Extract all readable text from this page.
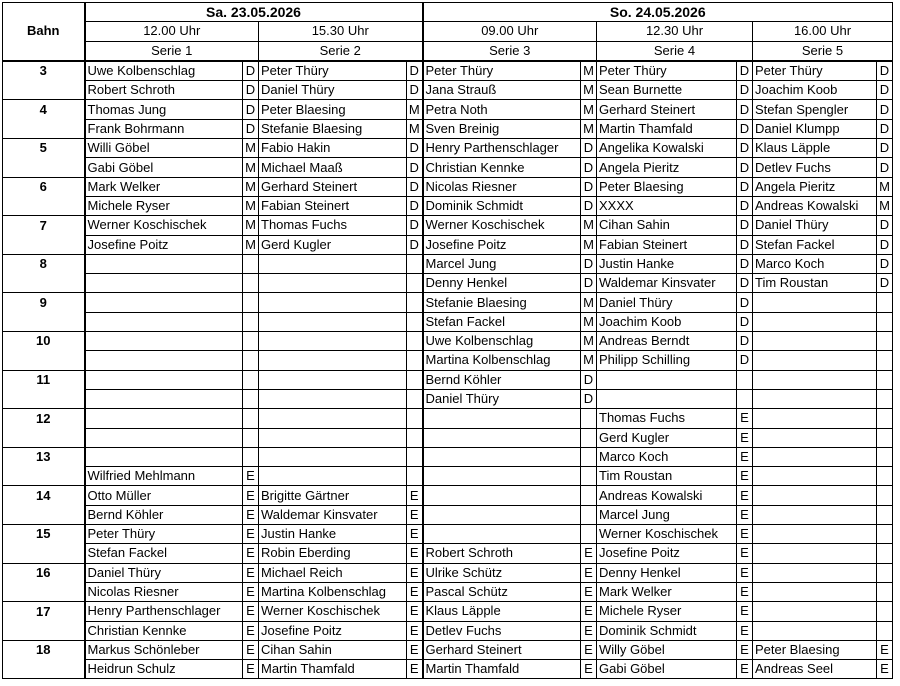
	Sa. 23.05.2026				So. 24.05.2026					
Bahn	12.00 Uhr		15.30 Uhr		09.00 Uhr		12.30 Uhr		16.00 Uhr	
	Serie 1		Serie 2		Serie 3		Serie 4		Serie 5	
3	Uwe Kolbenschlag	D	Peter Thüry	D	Peter Thüry	M	Peter Thüry	D	Peter Thüry	D
	Robert Schroth	D	Daniel Thüry	D	Jana Strauß	M	Sean Burnette	D	Joachim Koob	D
4	Thomas Jung	D	Peter Blaesing	M	Petra Noth	M	Gerhard Steinert	D	Stefan Spengler	D
	Frank Bohrmann	D	Stefanie Blaesing	M	Sven Breinig	M	Martin Thamfald	D	Daniel Klumpp	D
5	Willi Göbel	M	Fabio Hakin	D	Henry Parthenschlager	D	Angelika Kowalski	D	Klaus Läpple	D
	Gabi Göbel	M	Michael Maaß	D	Christian Kennke	D	Angela Pieritz	D	Detlev Fuchs	D
6	Mark Welker	M	Gerhard Steinert	D	Nicolas Riesner	D	Peter Blaesing	D	Angela Pieritz	M
	Michele Ryser	M	Fabian Steinert	D	Dominik Schmidt	D	XXXX	D	Andreas Kowalski	M
7	Werner Koschischek	M	Thomas Fuchs	D	Werner Koschischek	M	Cihan Sahin	D	Daniel Thüry	D
	Josefine Poitz	M	Gerd Kugler	D	Josefine Poitz	M	Fabian Steinert	D	Stefan Fackel	D
8					Marcel Jung	D	Justin Hanke	D	Marco Koch	D
					Denny Henkel	D	Waldemar Kinsvater	D	Tim Roustan	D
9					Stefanie Blaesing	M	Daniel Thüry	D		
					Stefan Fackel	M	Joachim Koob	D		
10					Uwe Kolbenschlag	M	Andreas Berndt	D		
					Martina Kolbenschlag	M	Philipp Schilling	D		
11					Bernd Köhler	D				
					Daniel Thüry	D				
12							Thomas Fuchs	E		
							Gerd Kugler	E		
13							Marco Koch	E		
	Wilfried Mehlmann	E					Tim Roustan	E		
14	Otto Müller	E	Brigitte Gärtner	E			Andreas Kowalski	E		
	Bernd Köhler	E	Waldemar Kinsvater	E			Marcel Jung	E		
15	Peter Thüry	E	Justin Hanke	E			Werner Koschischek	E		
	Stefan Fackel	E	Robin Eberding	E	Robert Schroth	E	Josefine Poitz	E		
16	Daniel Thüry	E	Michael Reich	E	Ulrike Schütz	E	Denny Henkel	E		
	Nicolas Riesner	E	Martina Kolbenschlag	E	Pascal Schütz	E	Mark Welker	E		
17	Henry Parthenschlager	E	Werner Koschischek	E	Klaus Läpple	E	Michele Ryser	E		
	Christian Kennke	E	Josefine Poitz	E	Detlev Fuchs	E	Dominik Schmidt	E		
18	Markus Schönleber	E	Cihan Sahin	E	Gerhard Steinert	E	Willy Göbel	E	Peter Blaesing	E
	Heidrun Schulz	E	Martin Thamfald	E	Martin Thamfald	E	Gabi Göbel	E	Andreas Seel	E
